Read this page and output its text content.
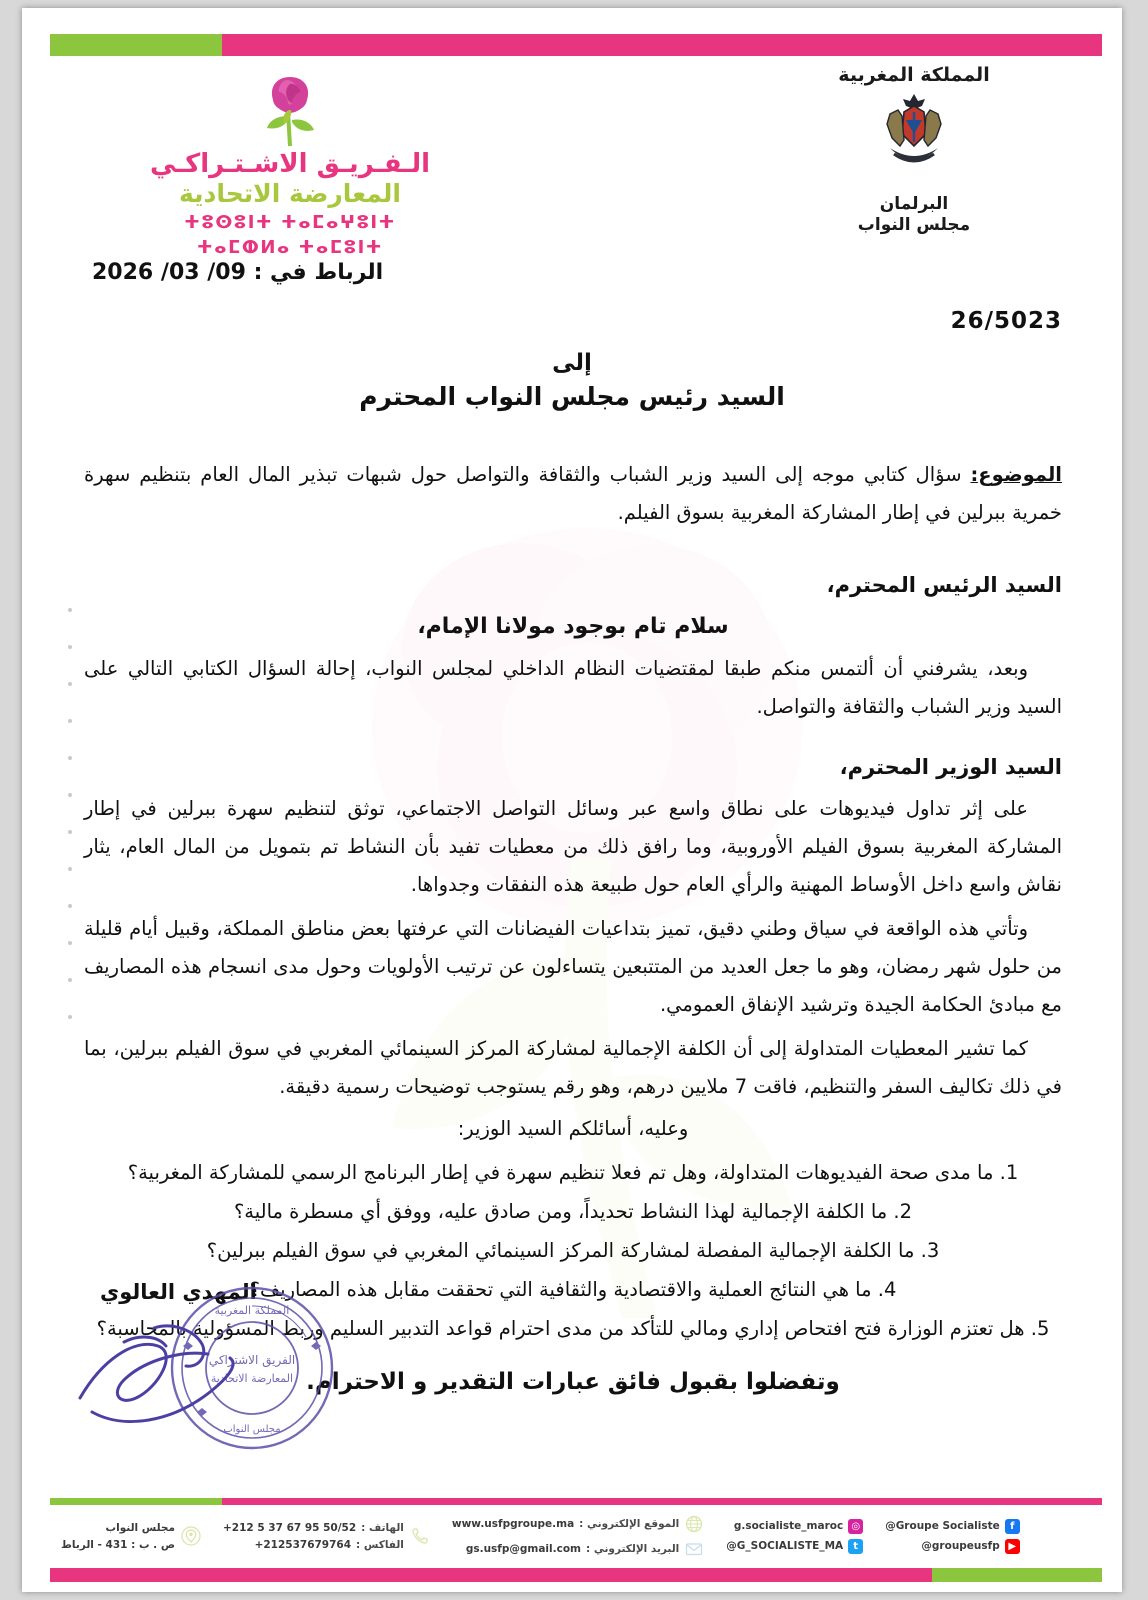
المملكة المغربية
البرلمان
مجلس النواب
الـفـريـق الاشـتـراكـي
المعارضة الاتحادية
ⵜⵓⵙⵓⵏⵜ ⵜⴰⵎⴰⵖⵓⵏⵜ
ⵜⴰⵎⵀⵍⴰ ⵜⴰⵎⵓⵏⵜ
الرباط في : 09/ 03/ 2026
26/5023
إلى
السيد رئيس مجلس النواب المحترم

الموضوع: سؤال كتابي موجه إلى السيد وزير الشباب والثقافة والتواصل حول شبهات تبذير المال العام بتنظيم سهرة خمرية ببرلين في إطار المشاركة المغربية بسوق الفيلم.

السيد الرئيس المحترم،

سلام تام بوجود مولانا الإمام،

وبعد، يشرفني أن ألتمس منكم طبقا لمقتضيات النظام الداخلي لمجلس النواب، إحالة السؤال الكتابي التالي على السيد وزير الشباب والثقافة والتواصل.

السيد الوزير المحترم،

على إثر تداول فيديوهات على نطاق واسع عبر وسائل التواصل الاجتماعي، توثق لتنظيم سهرة ببرلين في إطار المشاركة المغربية بسوق الفيلم الأوروبية، وما رافق ذلك من معطيات تفيد بأن النشاط تم بتمويل من المال العام، يثار نقاش واسع داخل الأوساط المهنية والرأي العام حول طبيعة هذه النفقات وجدواها.

وتأتي هذه الواقعة في سياق وطني دقيق، تميز بتداعيات الفيضانات التي عرفتها بعض مناطق المملكة، وقبيل أيام قليلة من حلول شهر رمضان، وهو ما جعل العديد من المتتبعين يتساءلون عن ترتيب الأولويات وحول مدى انسجام هذه المصاريف مع مبادئ الحكامة الجيدة وترشيد الإنفاق العمومي.

كما تشير المعطيات المتداولة إلى أن الكلفة الإجمالية لمشاركة المركز السينمائي المغربي في سوق الفيلم ببرلين، بما في ذلك تكاليف السفر والتنظيم، فاقت 7 ملايين درهم، وهو رقم يستوجب توضيحات رسمية دقيقة.

وعليه، أسائلكم السيد الوزير:

1. ما مدى صحة الفيديوهات المتداولة، وهل تم فعلا تنظيم سهرة في إطار البرنامج الرسمي للمشاركة المغربية؟
2. ما الكلفة الإجمالية لهذا النشاط تحديداً، ومن صادق عليه، ووفق أي مسطرة مالية؟
3. ما الكلفة الإجمالية المفصلة لمشاركة المركز السينمائي المغربي في سوق الفيلم ببرلين؟
4. ما هي النتائج العملية والاقتصادية والثقافية التي تحققت مقابل هذه المصاريف؟
5. هل تعتزم الوزارة فتح افتحاص إداري ومالي للتأكد من مدى احترام قواعد التدبير السليم وربط المسؤولية بالمحاسبة؟

وتفضلوا بقبول فائق عبارات التقدير و الاحترام.

المهدي العالوي
المملكة المغربية
الفريق الاشتراكي
المعارضة الاتحادية
مجلس النواب
مجلس النواب
ص . ب : 431 - الرباط
الهاتف :
+212 5 37 67 95 50/52
الفاكس :
+212537679764
الموقع الإلكتروني :
www.usfpgroupe.ma
البريد الإلكتروني :
gs.usfp@gmail.com
◎
g.socialiste_maroc
t
@G_SOCIALISTE_MA
f
@Groupe Socialiste
▶
@groupeusfp
